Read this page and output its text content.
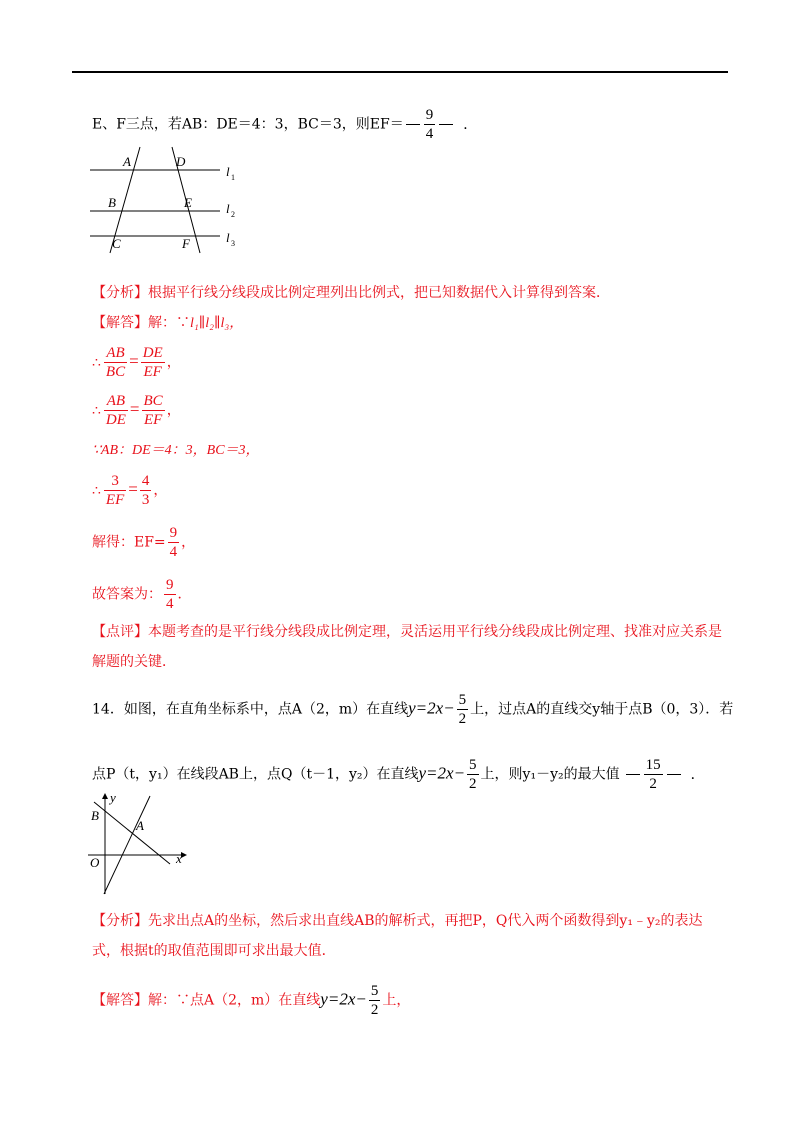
E、F三点，若AB：DE＝4：3，BC＝3，则$EF= \frac{9}{4}$ ．
A	D
B	E
C	F
l 1
l 2
l 3
【分析】根据平行线分线段成比例定理列出比例式，把已知数据代入计算得到答案．
【解答】解：∵l₁∥l₂∥l₃，
∴ $\frac{AB}{BC} = \frac{DE}{EF}$ ，
∴ $\frac{AB}{DE} = \frac{BC}{EF}$ ，
∵AB：DE＝4：3，BC＝3，
∴ $\frac{3}{EF} = \frac{4}{3}$ ，
解得：$EF= \frac{9}{4}$ ，
故答案为： $\frac{9}{4}$ ．
【点评】本题考查的是平行线分线段成比例定理，灵活运用平行线分线段成比例定理、找准对应关系是
解题的关键．
14．如图，在直角坐标系中，点A（2，m）在直线$y=2x- \frac{5}{2}$ 上，过点A的直线交y轴于点B（0，3）．若
点P（t，y₁）在线段AB上，点Q（t－1，y₂）在直线$y=2x- \frac{5}{2}$ 上，则y₁－y₂的最大值 $\frac{15}{2}$ ．
y
x
B
A
O
【分析】先求出点A的坐标，然后求出直线AB的解析式，再把P，Q代入两个函数得到y₁﹣y₂的表达
式，根据t的取值范围即可求出最大值．
【解答】解：∵点A（2，m）在直线$y=2x- \frac{5}{2}$ 上，
